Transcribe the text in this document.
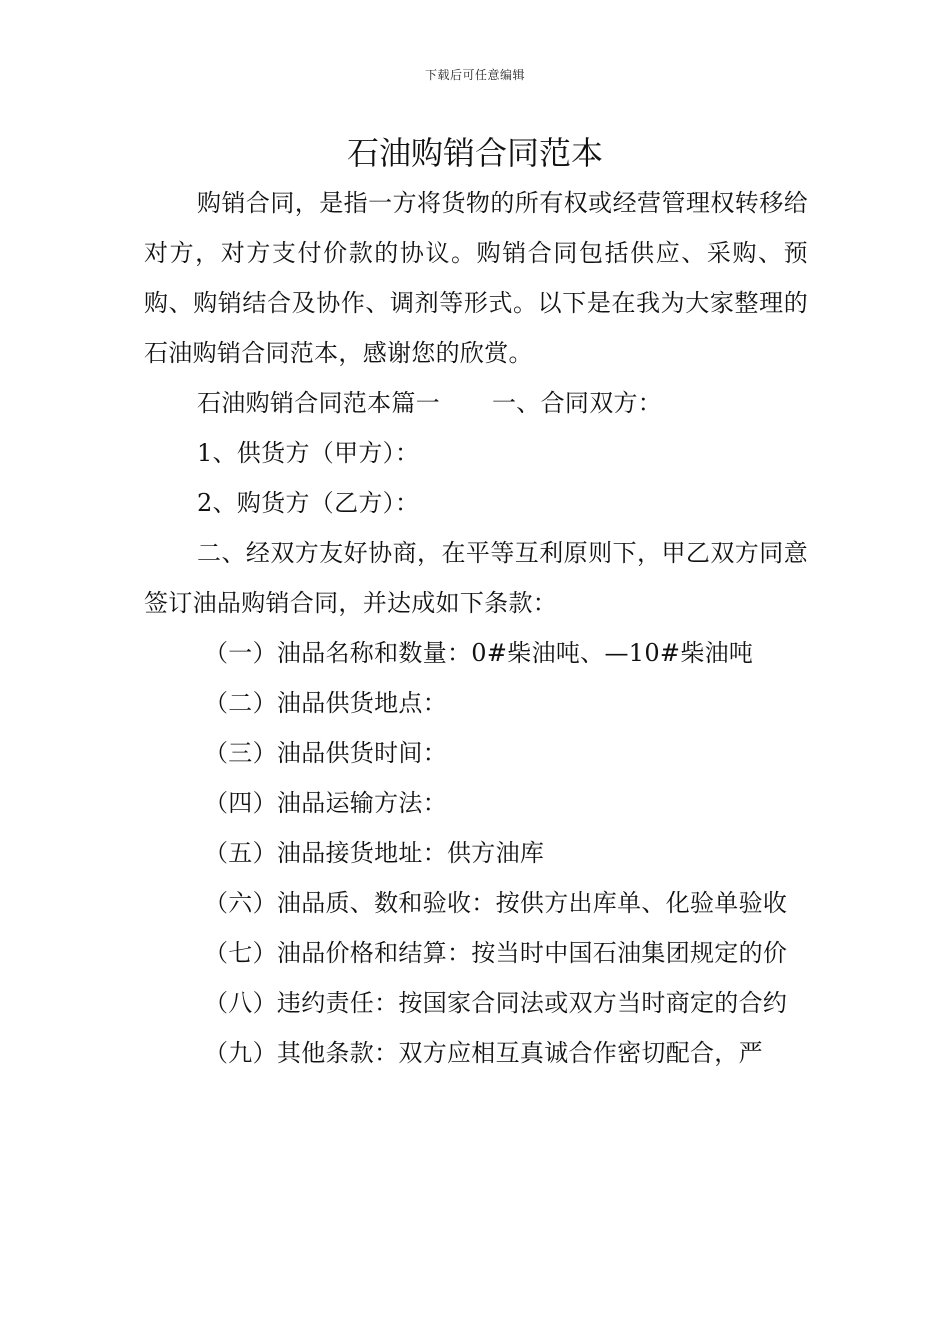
下载后可任意编辑
石油购销合同范本

购销合同，是指一方将货物的所有权或经营管理权转移给对方，对方支付价款的协议。购销合同包括供应、采购、预购、购销结合及协作、调剂等形式。以下是在我为大家整理的石油购销合同范本，感谢您的欣赏。

石油购销合同范本篇一 一、合同双方：

1、供货方（甲方）：

2、购货方（乙方）：

二、经双方友好协商，在平等互利原则下，甲乙双方同意签订油品购销合同，并达成如下条款：

（一）油品名称和数量：0#柴油吨、—10#柴油吨

（二）油品供货地点：

（三）油品供货时间：

（四）油品运输方法：

（五）油品接货地址：供方油库

（六）油品质、数和验收：按供方出库单、化验单验收

（七）油品价格和结算：按当时中国石油集团规定的价

（八）违约责任：按国家合同法或双方当时商定的合约

（九）其他条款：双方应相互真诚合作密切配合，严
